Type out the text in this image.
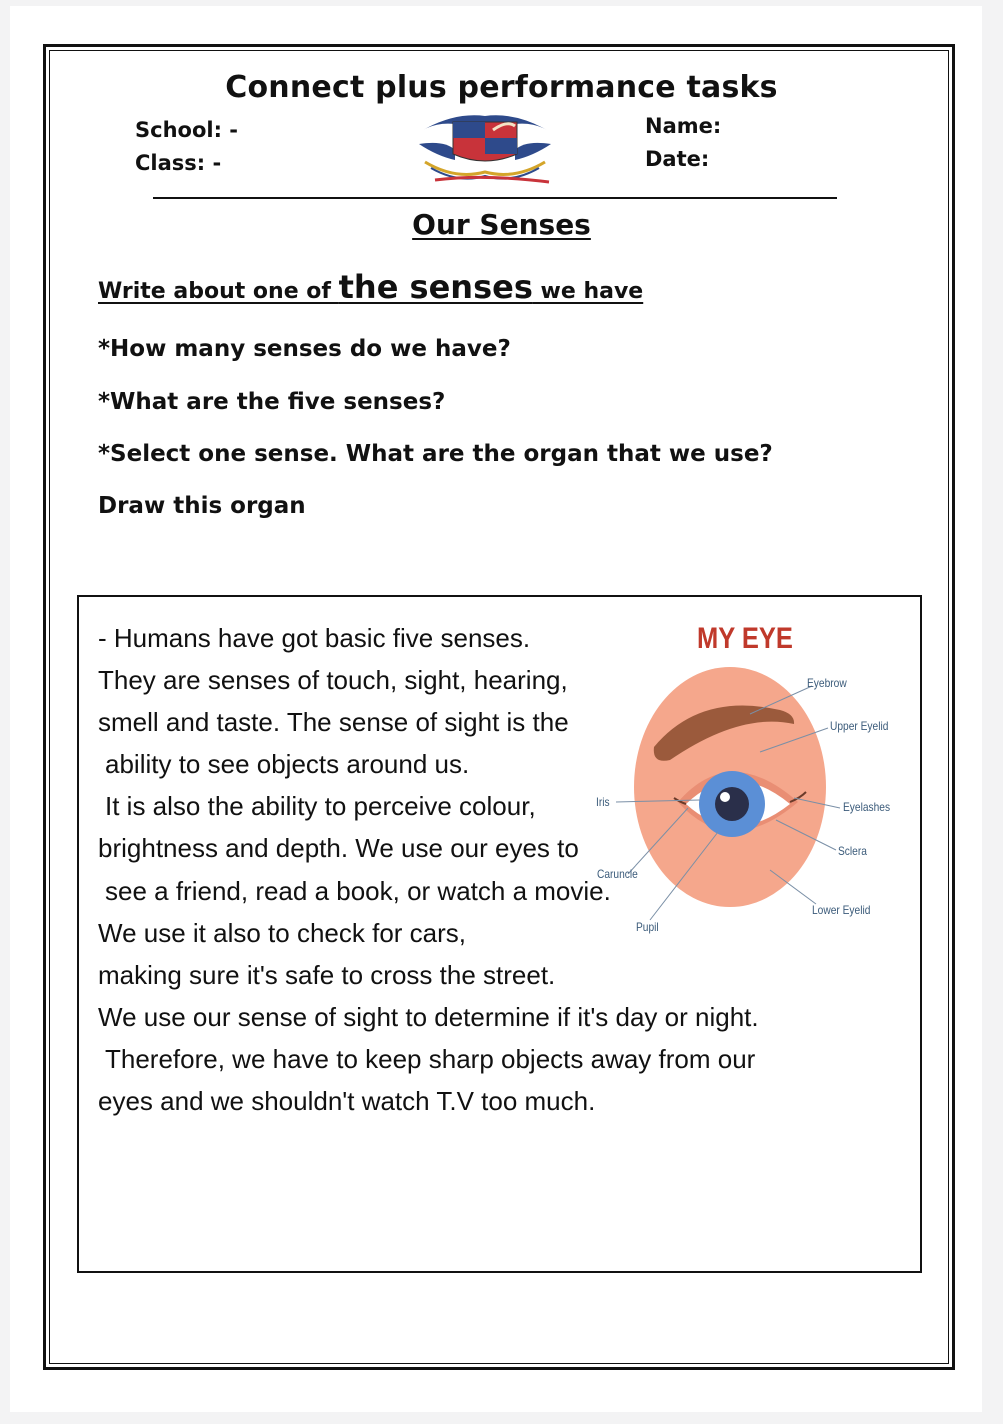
Connect plus performance tasks
School: -
Class: -
Name:
Date:
Our Senses
Write about one of the senses we have
*How many senses do we have?
*What are the five senses?
*Select one sense. What are the organ that we use?
Draw this organ
- Humans have got basic five senses.
They are senses of touch, sight, hearing,
smell and taste. The sense of sight is the
ability to see objects around us.
It is also the ability to perceive colour,
brightness and depth. We use our eyes to
see a friend, read a book, or watch a movie.
We use it also to check for cars,
making sure it's safe to cross the street.
We use our sense of sight to determine if it's day or night.
Therefore, we have to keep sharp objects away from our
eyes and we shouldn't watch T.V too much.
MY EYE
Eyebrow
Upper Eyelid
Eyelashes
Sclera
Lower Eyelid
Iris
Caruncle
Pupil
